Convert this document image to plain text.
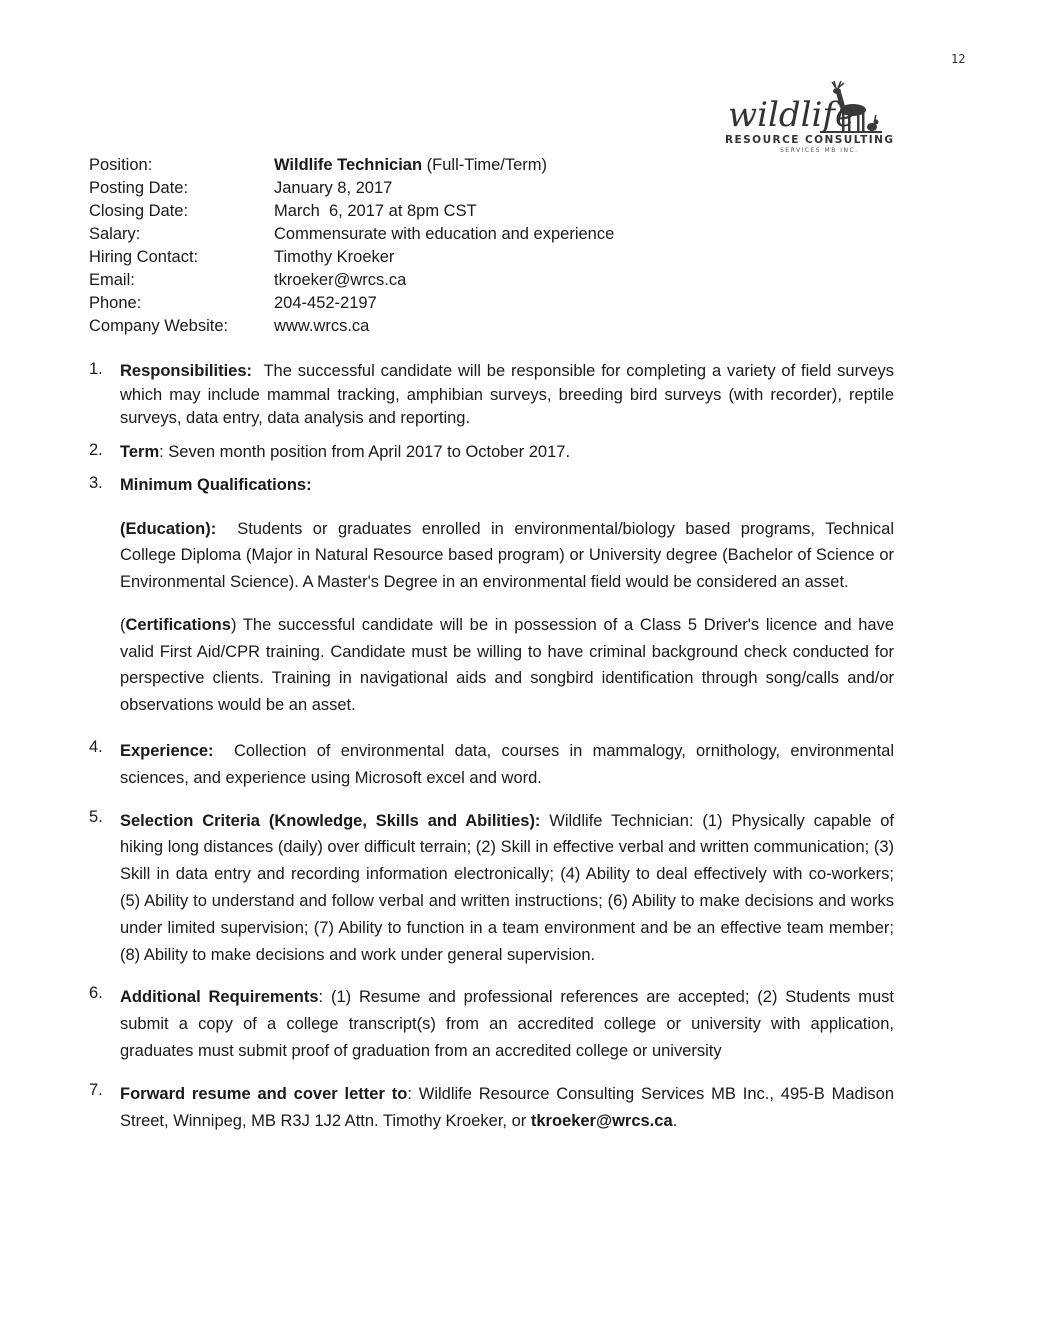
12
wildlife
RESOURCE CONSULTING
SERVICES MB INC.
Position:	Wildlife Technician (Full-Time/Term)
Posting Date:	January 8, 2017
Closing Date:	March  6, 2017 at 8pm CST
Salary:	Commensurate with education and experience
Hiring Contact:	Timothy Kroeker
Email:	tkroeker@wrcs.ca
Phone:	204-452-2197
Company Website:	www.wrcs.ca
1. Responsibilities: The successful candidate will be responsible for completing a variety of field surveys which may include mammal tracking, amphibian surveys, breeding bird surveys (with recorder), reptile surveys, data entry, data analysis and reporting.

2. Term: Seven month position from April 2017 to October 2017.

3. Minimum Qualifications:

(Education): Students or graduates enrolled in environmental/biology based programs, Technical College Diploma (Major in Natural Resource based program) or University degree (Bachelor of Science or Environmental Science). A Master's Degree in an environmental field would be considered an asset.

(Certifications) The successful candidate will be in possession of a Class 5 Driver's licence and have valid First Aid/CPR training. Candidate must be willing to have criminal background check conducted for perspective clients. Training in navigational aids and songbird identification through song/calls and/or observations would be an asset.

4. Experience: Collection of environmental data, courses in mammalogy, ornithology, environmental sciences, and experience using Microsoft excel and word.

5. Selection Criteria (Knowledge, Skills and Abilities): Wildlife Technician: (1) Physically capable of hiking long distances (daily) over difficult terrain; (2) Skill in effective verbal and written communication; (3) Skill in data entry and recording information electronically; (4) Ability to deal effectively with co-workers; (5) Ability to understand and follow verbal and written instructions; (6) Ability to make decisions and works under limited supervision; (7) Ability to function in a team environment and be an effective team member; (8) Ability to make decisions and work under general supervision.

6. Additional Requirements: (1) Resume and professional references are accepted; (2) Students must submit a copy of a college transcript(s) from an accredited college or university with application, graduates must submit proof of graduation from an accredited college or university

7. Forward resume and cover letter to: Wildlife Resource Consulting Services MB Inc., 495-B Madison Street, Winnipeg, MB R3J 1J2 Attn. Timothy Kroeker, or tkroeker@wrcs.ca.
